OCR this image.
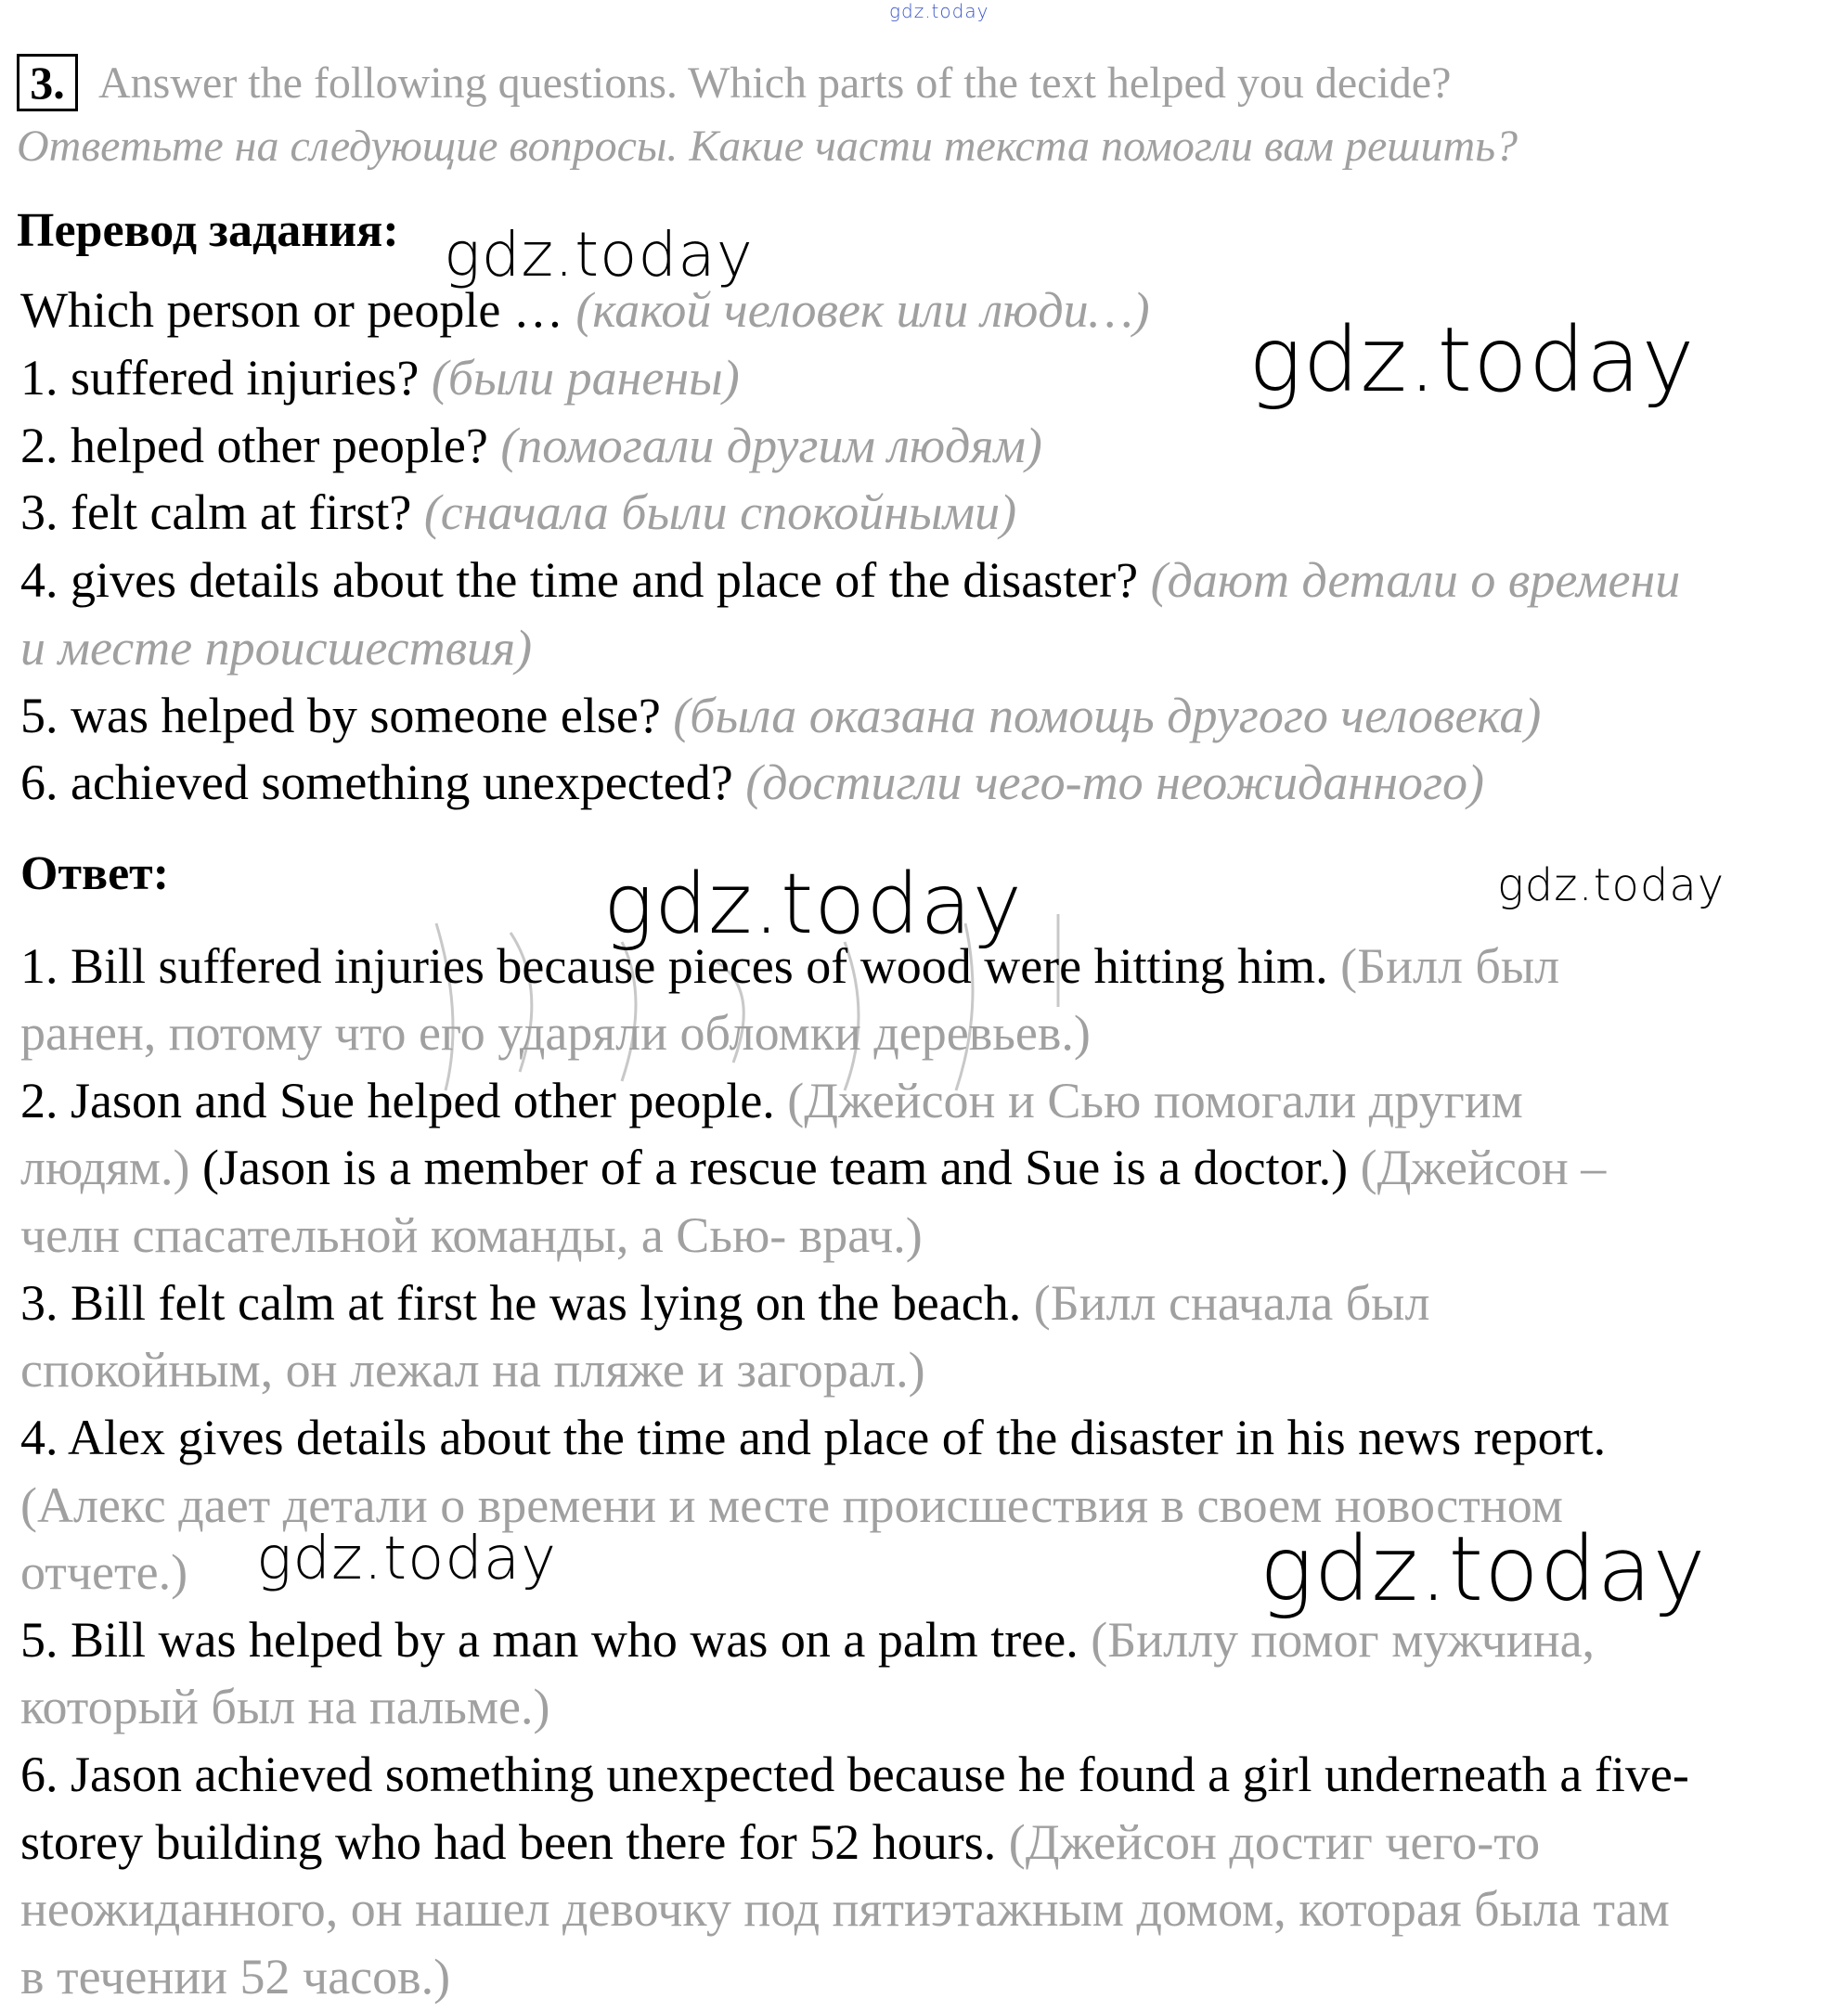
gdz.today
3. Answer the following questions. Which parts of the text helped you decide?
Ответьте на следующие вопросы. Какие части текста помогли вам решить?
Перевод задания:
Which person or people … (какой человек или люди…)
1. suffered injuries? (были ранены)
2. helped other people? (помогали другим людям)
3. felt calm at first? (сначала были спокойными)
4. gives details about the time and place of the disaster? (дают детали о времени
и месте происшествия)
5. was helped by someone else? (была оказана помощь другого человека)
6. achieved something unexpected? (достигли чего-то неожиданного)
Ответ:
1. Bill suffered injuries because pieces of wood were hitting him. (Билл был
ранен, потому что его ударяли обломки деревьев.)
2. Jason and Sue helped other people. (Джейсон и Сью помогали другим
людям.) (Jason is a member of a rescue team and Sue is a doctor.) (Джейсон –
челн спасательной команды, а Сью- врач.)
3. Bill felt calm at first he was lying on the beach. (Билл сначала был
спокойным, он лежал на пляже и загорал.)
4. Alex gives details about the time and place of the disaster in his news report.
(Алекс дает детали о времени и месте происшествия в своем новостном
отчете.)
5. Bill was helped by a man who was on a palm tree. (Биллу помог мужчина,
который был на пальме.)
6. Jason achieved something unexpected because he found a girl underneath a five-
storey building who had been there for 52 hours. (Джейсон достиг чего-то
неожиданного, он нашел девочку под пятиэтажным домом, которая была там
в течении 52 часов.)
gdz.today
gdz.today
gdz.today	gdz.today
gdz.today	gdz.today
